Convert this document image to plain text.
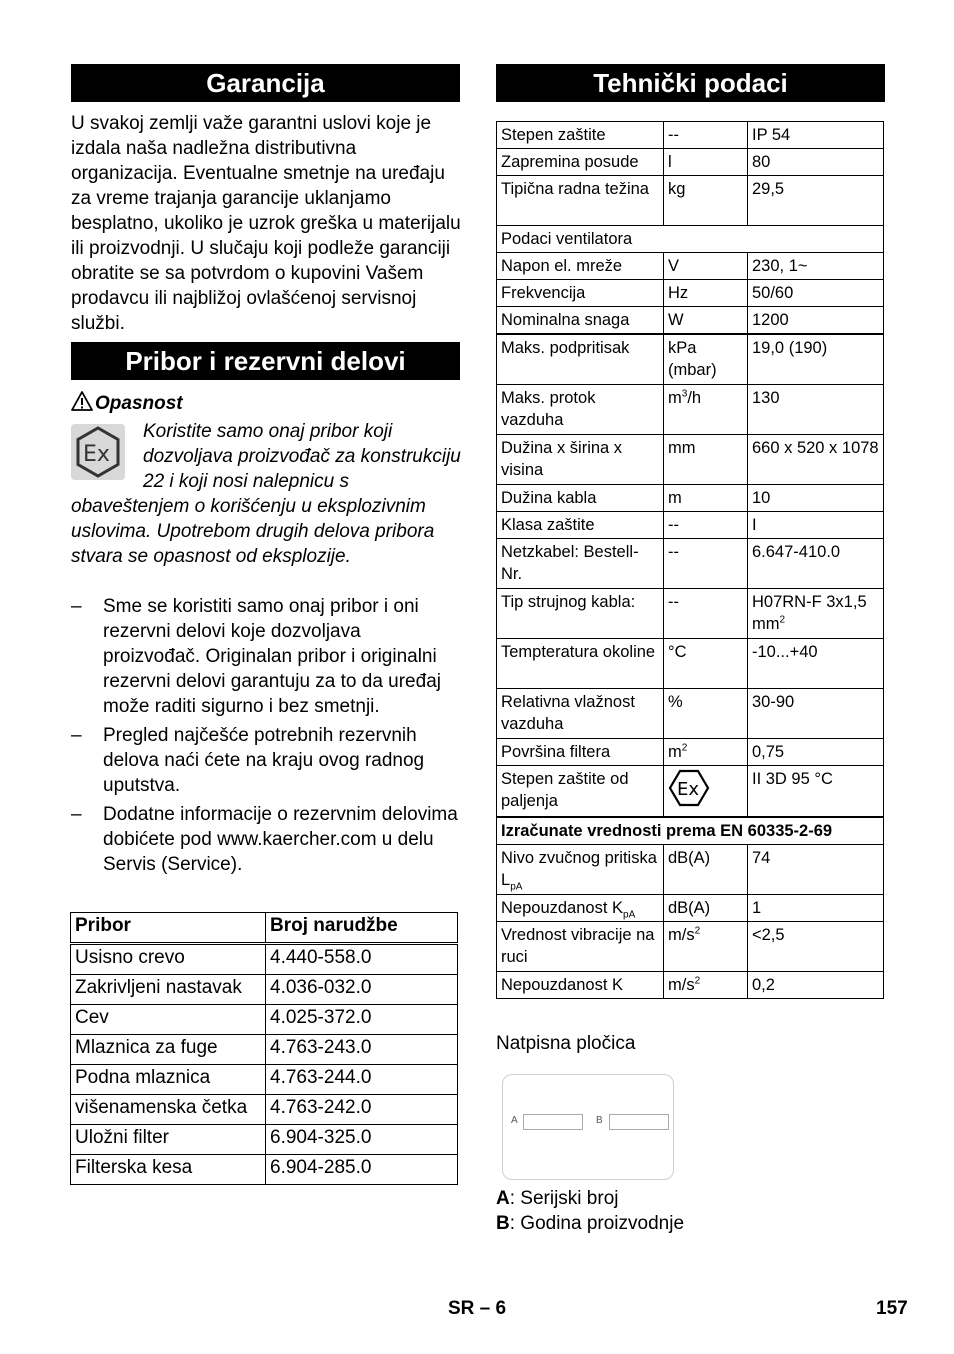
Garancija
U svakoj zemlji važe garantni uslovi koje je izdala naša nadležna distributivna organizacija. Eventualne smetnje na uređaju za vreme trajanja garancije uklanjamo besplatno, ukoliko je uzrok greška u materijalu ili proizvodnji. U slučaju koji podleže garanciji obratite se sa potvrdom o kupovini Vašem prodavcu ili najbližoj ovlašćenoj servisnoj službi.
Pribor i rezervni delovi
Opasnost
Ex
Koristite samo onaj pribor koji dozvoljava proizvođač za konstrukciju 22 i koji nosi nalepnicu s obaveštenjem o korišćenju u eksplozivnim uslovima. Upotrebom drugih delova pribora stvara se opasnost od eksplozije.
– Sme se koristiti samo onaj pribor i oni rezervni delovi koje dozvoljava proizvođač. Originalan pribor i originalni rezervni delovi garantuju za to da uređaj može raditi sigurno i bez smetnji.
– Pregled najčešće potrebnih rezervnih delova naći ćete na kraju ovog radnog uputstva.
– Dodatne informacije o rezervnim delovima dobićete pod www.kaercher.com u delu Servis (Service).
Pribor	Broj narudžbe
Usisno crevo	4.440-558.0
Zakrivljeni nastavak	4.036-032.0
Cev	4.025-372.0
Mlaznica za fuge	4.763-243.0
Podna mlaznica	4.763-244.0
višenamenska četka	4.763-242.0
Uložni filter	6.904-325.0
Filterska kesa	6.904-285.0
Tehnički podaci
Stepen zaštite	--	IP 54
Zapremina posude	l	80
Tipična radna težina	kg	29,5
Podaci ventilatora		
Napon el. mreže	V	230, 1~
Frekvencija	Hz	50/60
Nominalna snaga	W	1200
Maks. podpritisak	kPa (mbar)	19,0 (190)
Maks. protok vazduha	$m^3/h$	130
Dužina x širina x visina	mm	660 x 520 x 1078
Dužina kabla	m	10
Klasa zaštite	--	I
Netzkabel: Bestell-Nr.	--	6.647-410.0
Tip strujnog kabla:	--	H07RN-F 3x1,5 $mm^2$
Tempteratura okoline	°C	-10...+40
Relativna vlažnost vazduha	%	30-90
Površina filtera	$m^2$	0,75
Stepen zaštite od paljenja	Ex	II 3D 95 °C
Izračunate vrednosti prema EN 60335-2-69		
Nivo zvučnog pritiska $L_{pA}$	dB(A)	74
Nepouzdanost $K_{pA}$	dB(A)	1
Vrednost vibracije na ruci	$m/s^2$	<2,5
Nepouzdanost K	$m/s^2$	0,2
Natpisna pločica
A	B
A: Serijski broj
B: Godina proizvodnje
SR – 6	157
